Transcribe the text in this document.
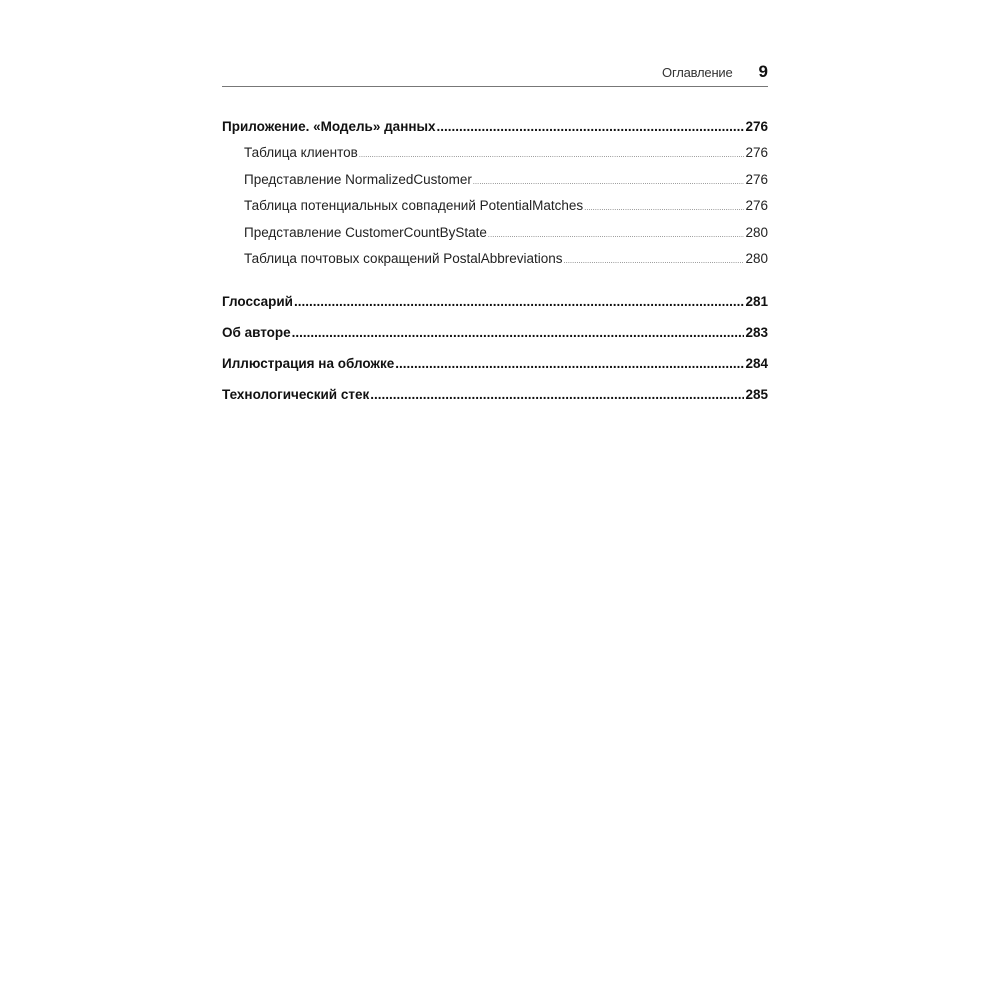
Оглавление 9
Приложение. «Модель» данных .....	276
Таблица клиентов .....	276
Представление NormalizedCustomer .....	276
Таблица потенциальных совпадений PotentialMatches .....	276
Представление CustomerCountByState .....	280
Таблица почтовых сокращений PostalAbbreviations .....	280
Глоссарий .....	281
Об авторе .....	283
Иллюстрация на обложке .....	284
Технологический стек .....	285
